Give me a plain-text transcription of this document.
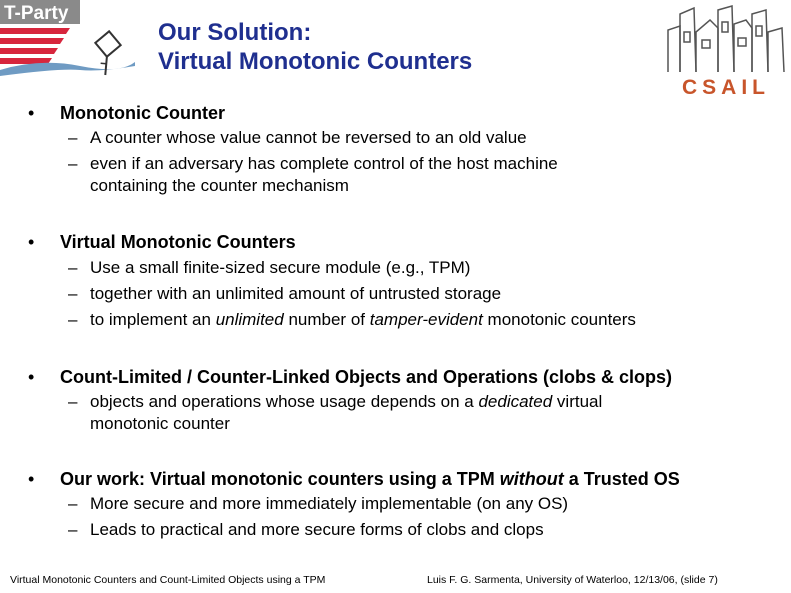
T-Party
CSAIL
Our Solution:
Virtual Monotonic Counters
• Monotonic Counter
– A counter whose value cannot be reversed to an old value
– even if an adversary has complete control of the host machine
containing the counter mechanism
• Virtual Monotonic Counters
– Use a small finite-sized secure module (e.g., TPM)
– together with an unlimited amount of untrusted storage
– to implement an unlimited number of tamper-evident monotonic counters
• Count-Limited / Counter-Linked Objects and Operations (clobs & clops)
– objects and operations whose usage depends on a dedicated virtual
monotonic counter
• Our work: Virtual monotonic counters using a TPM without a Trusted OS
– More secure and more immediately implementable (on any OS)
– Leads to practical and more secure forms of clobs and clops
Virtual Monotonic Counters and Count-Limited Objects using a TPM	Luis F. G. Sarmenta, University of Waterloo, 12/13/06, (slide 7)
